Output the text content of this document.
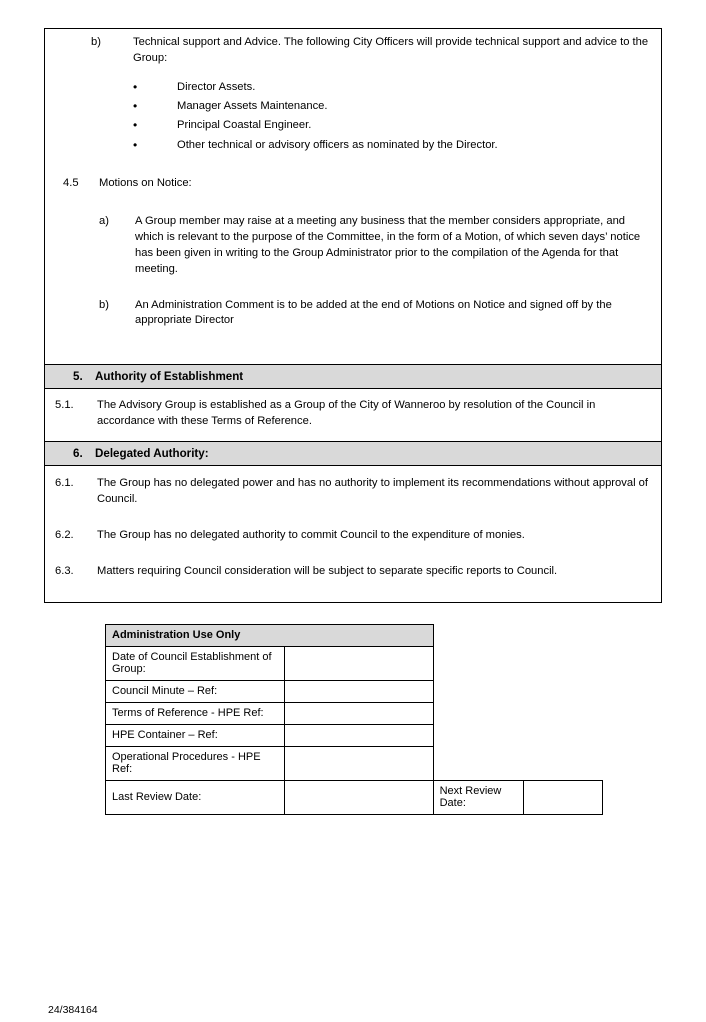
b)	Technical support and Advice. The following City Officers will provide technical support and advice to the Group:
•	Director Assets.
•	Manager Assets Maintenance.
•	Principal Coastal Engineer.
•	Other technical or advisory officers as nominated by the Director.
4.5	Motions on Notice:
a)	A Group member may raise at a meeting any business that the member considers appropriate, and which is relevant to the purpose of the Committee, in the form of a Motion, of which seven days’ notice has been given in writing to the Group Administrator prior to the compilation of the Agenda for that meeting.
b)	An Administration Comment is to be added at the end of Motions on Notice and signed off by the appropriate Director
5. Authority of Establishment
5.1.	The Advisory Group is established as a Group of the City of Wanneroo by resolution of the Council in accordance with these Terms of Reference.
6. Delegated Authority:
6.1.	The Group has no delegated power and has no authority to implement its recommendations without approval of Council.
6.2.	The Group has no delegated authority to commit Council to the expenditure of monies.
6.3.	Matters requiring Council consideration will be subject to separate specific reports to Council.
Administration Use Only			
Date of Council Establishment of Group:			
Council Minute – Ref:			
Terms of Reference - HPE Ref:			
HPE Container – Ref:			
Operational Procedures - HPE Ref:			
Last Review Date:		Next Review Date:	
24/384164
